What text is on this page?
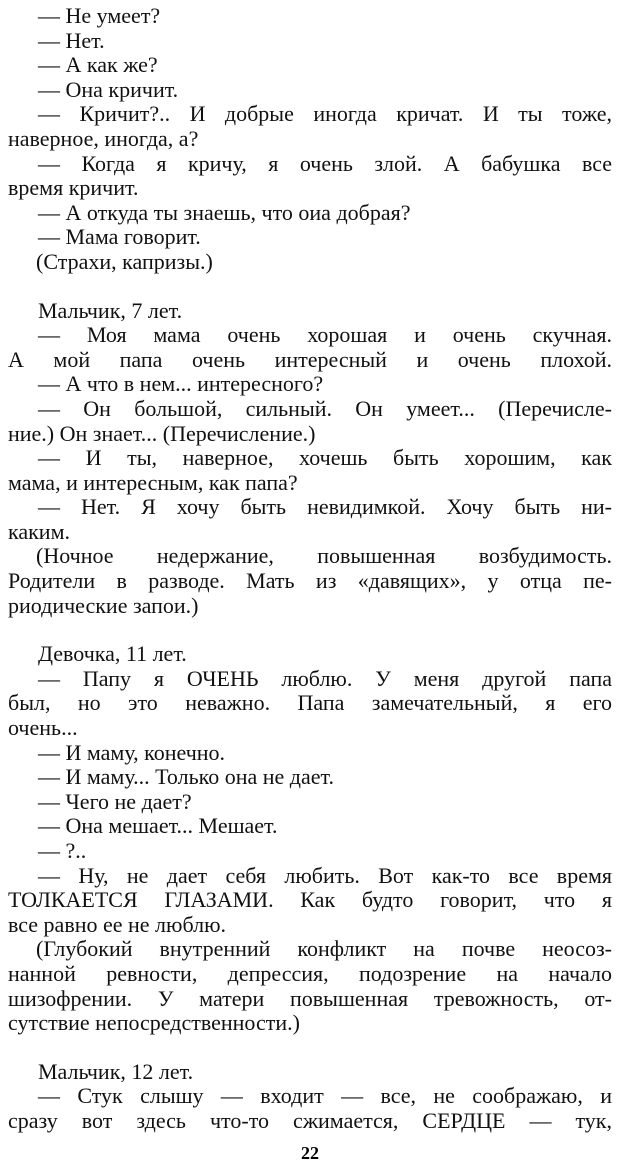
— Не умеет?
— Нет.
— А как же?
— Она кричит.
— Кричит?.. И добрые иногда кричат. И ты тоже,
наверное, иногда, а?
— Когда я кричу, я очень злой. А бабушка все
время кричит.
— А откуда ты знаешь, что оиа добрая?
— Мама говорит.
(Страхи, капризы.)
Мальчик, 7 лет.
— Моя мама очень хорошая и очень скучная.
А мой папа очень интересный и очень плохой.
— А что в нем... интересного?
— Он большой, сильный. Он умеет... (Перечисле-
ние.) Он знает... (Перечисление.)
— И ты, наверное, хочешь быть хорошим, как
мама, и интересным, как папа?
— Нет. Я хочу быть невидимкой. Хочу быть ни-
каким.
(Ночное недержание, повышенная возбудимость.
Родители в разводе. Мать из «давящих», у отца пе-
риодические запои.)
Девочка, 11 лет.
— Папу я ОЧЕНЬ люблю. У меня другой папа
был, но это неважно. Папа замечательный, я его
очень...
— И маму, конечно.
— И маму... Только она не дает.
— Чего не дает?
— Она мешает... Мешает.
— ?..
— Ну, не дает себя любить. Вот как-то все время
ТОЛКАЕТСЯ ГЛАЗАМИ. Как будто говорит, что я
все равно ее не люблю.
(Глубокий внутренний конфликт на почве неосоз-
нанной ревности, депрессия, подозрение на начало
шизофрении. У матери повышенная тревожность, от-
сутствие непосредственности.)
Мальчик, 12 лет.
— Стук слышу — входит — все, не соображаю, и
сразу вот здесь что-то сжимается, СЕРДЦЕ — тук,
22
